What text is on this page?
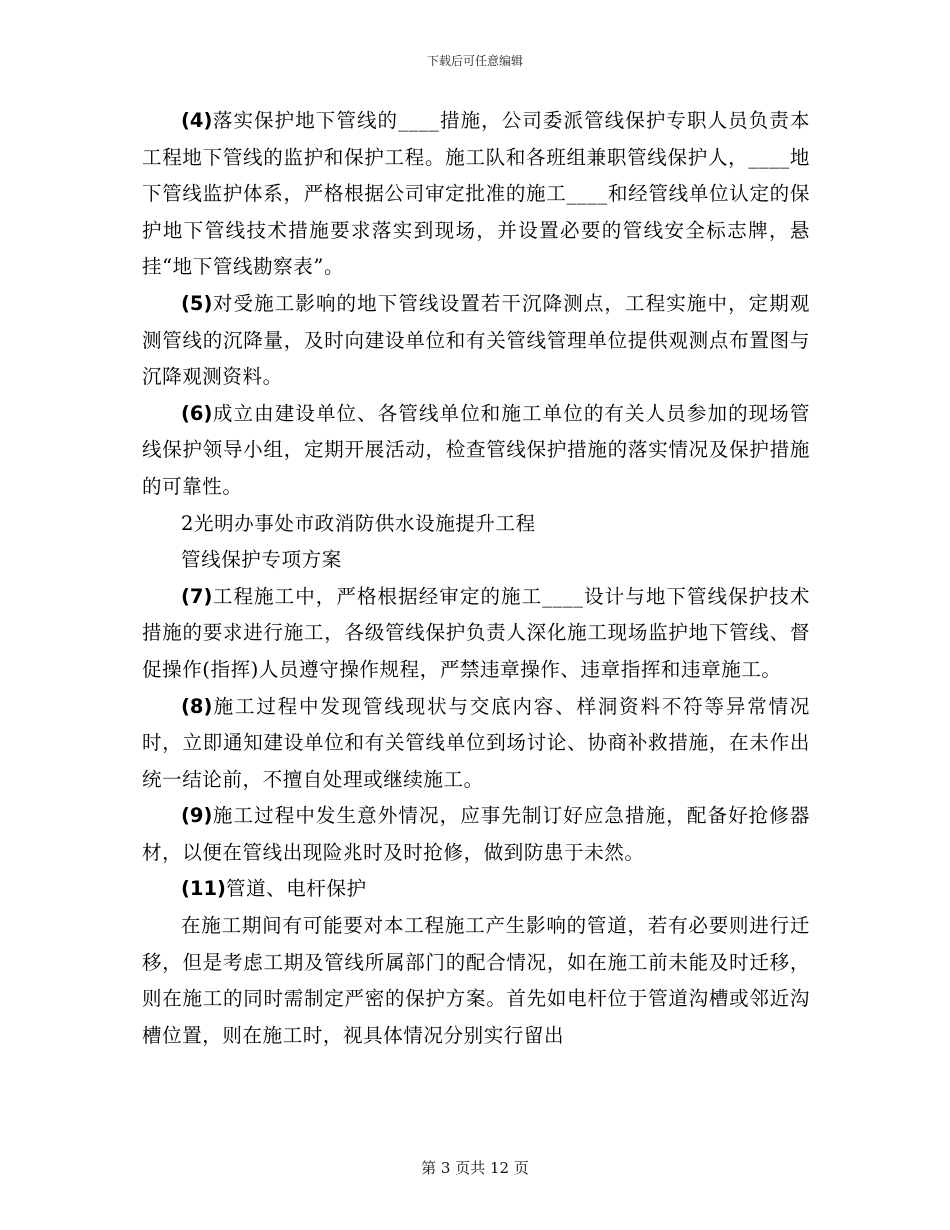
下载后可任意编辑

(4)落实保护地下管线的____措施，公司委派管线保护专职人员负责本工程地下管线的监护和保护工程。施工队和各班组兼职管线保护人，____地下管线监护体系，严格根据公司审定批准的施工____和经管线单位认定的保护地下管线技术措施要求落实到现场，并设置必要的管线安全标志牌，悬挂“地下管线勘察表”。

(5)对受施工影响的地下管线设置若干沉降测点，工程实施中，定期观测管线的沉降量，及时向建设单位和有关管线管理单位提供观测点布置图与沉降观测资料。

(6)成立由建设单位、各管线单位和施工单位的有关人员参加的现场管线保护领导小组，定期开展活动，检查管线保护措施的落实情况及保护措施的可靠性。

2光明办事处市政消防供水设施提升工程

管线保护专项方案

(7)工程施工中，严格根据经审定的施工____设计与地下管线保护技术措施的要求进行施工，各级管线保护负责人深化施工现场监护地下管线、督促操作(指挥)人员遵守操作规程，严禁违章操作、违章指挥和违章施工。

(8)施工过程中发现管线现状与交底内容、样洞资料不符等异常情况时，立即通知建设单位和有关管线单位到场讨论、协商补救措施，在未作出统一结论前，不擅自处理或继续施工。

(9)施工过程中发生意外情况，应事先制订好应急措施，配备好抢修器材，以便在管线出现险兆时及时抢修，做到防患于未然。

(11)管道、电杆保护

在施工期间有可能要对本工程施工产生影响的管道，若有必要则进行迁移，但是考虑工期及管线所属部门的配合情况，如在施工前未能及时迁移，则在施工的同时需制定严密的保护方案。首先如电杆位于管道沟槽或邻近沟槽位置，则在施工时，视具体情况分别实行留出

第 3 页共 12 页
